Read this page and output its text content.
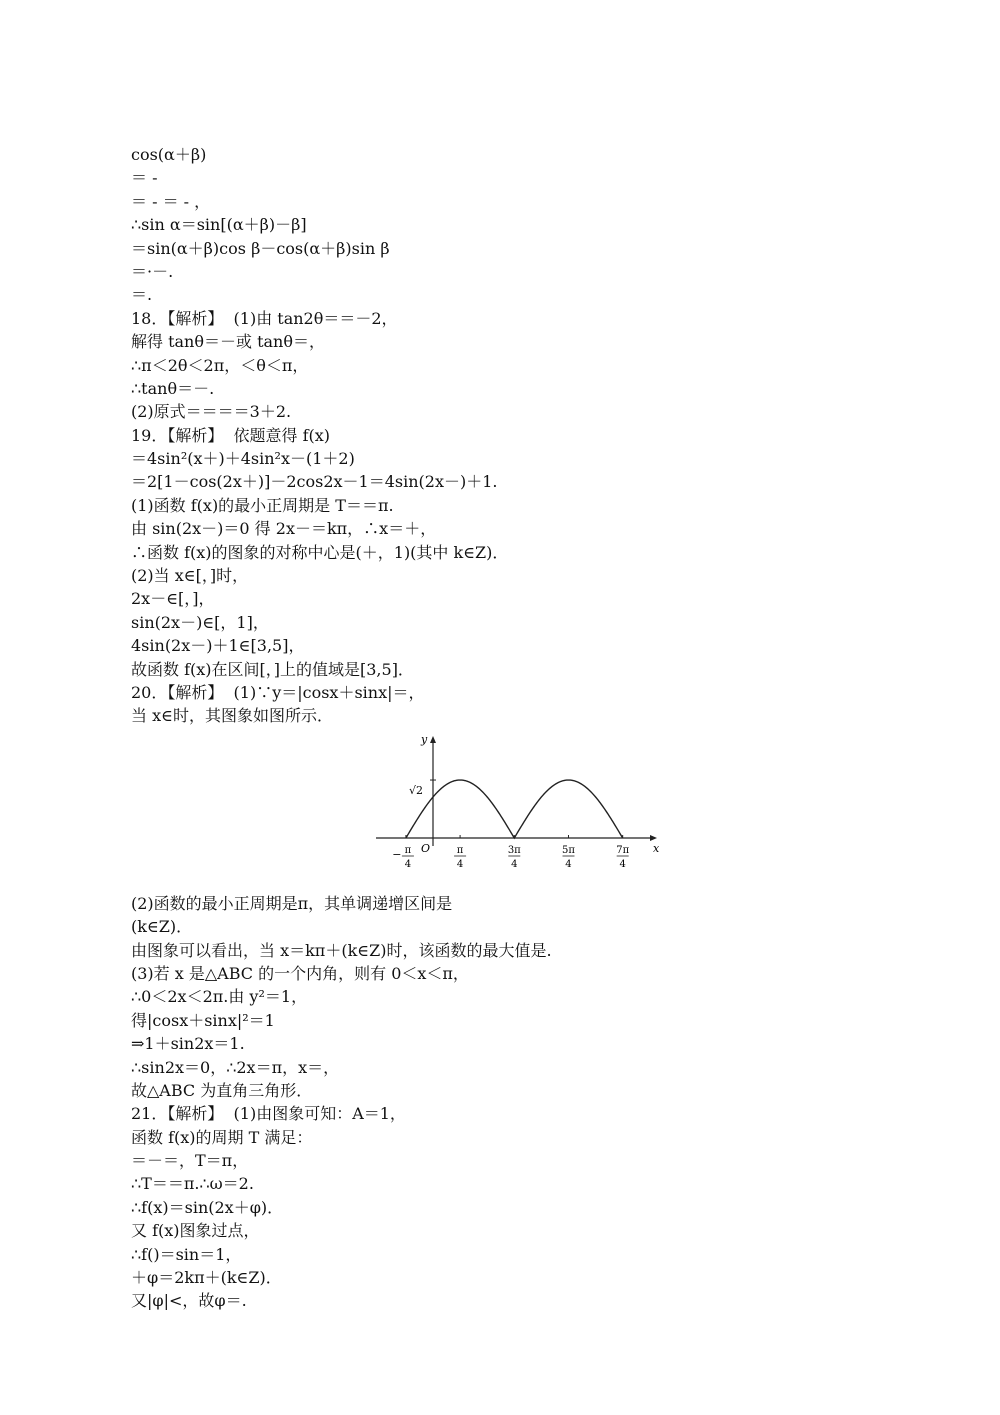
cos(α＋β)
＝ -
＝ - ＝ - ，
∴sin α＝sin[(α＋β)－β]
＝sin(α＋β)cos β－cos(α＋β)sin β
＝·－.
＝.
18．【解析】  (1)由 tan2θ＝＝－2，
解得 tanθ＝－或 tanθ＝，
∴π＜2θ＜2π，＜θ＜π，
∴tanθ＝－.
(2)原式＝＝＝＝3＋2.
19．【解析】  依题意得 f(x)
＝4sin²(x＋)＋4sin²x－(1＋2)
＝2[1－cos(2x＋)]－2cos2x－1＝4sin(2x－)＋1.
(1)函数 f(x)的最小正周期是 T＝＝π.
由 sin(2x－)＝0 得 2x－＝kπ，∴x＝＋，
∴函数 f(x)的图象的对称中心是(＋，1)(其中 k∈Z)．
(2)当 x∈[，]时，
2x－∈[，]，
sin(2x－)∈[，1]，
4sin(2x－)＋1∈[3,5]，
故函数 f(x)在区间[，]上的值域是[3,5]．
20．【解析】  (1)∵y＝|cosx＋sinx|＝，
当 x∈时，其图象如图所示．
x
y
O
√2
− π
4
π
4
3π
4
5π
4
7π
4
(2)函数的最小正周期是π，其单调递增区间是
(k∈Z)．
由图象可以看出，当 x＝kπ＋(k∈Z)时，该函数的最大值是.
(3)若 x 是△ABC 的一个内角，则有 0＜x＜π，
∴0＜2x＜2π.由 y²＝1，
得|cosx＋sinx|²＝1
⇒1＋sin2x＝1.
∴sin2x＝0，∴2x＝π，x＝，
故△ABC 为直角三角形．
21．【解析】  (1)由图象可知：A＝1，
函数 f(x)的周期 T 满足：
＝－＝，T＝π，
∴T＝＝π.∴ω＝2.
∴f(x)＝sin(2x＋φ)．
又 f(x)图象过点，
∴f()＝sin＝1，
＋φ＝2kπ＋(k∈Z)．
又|φ|<，故φ＝.
